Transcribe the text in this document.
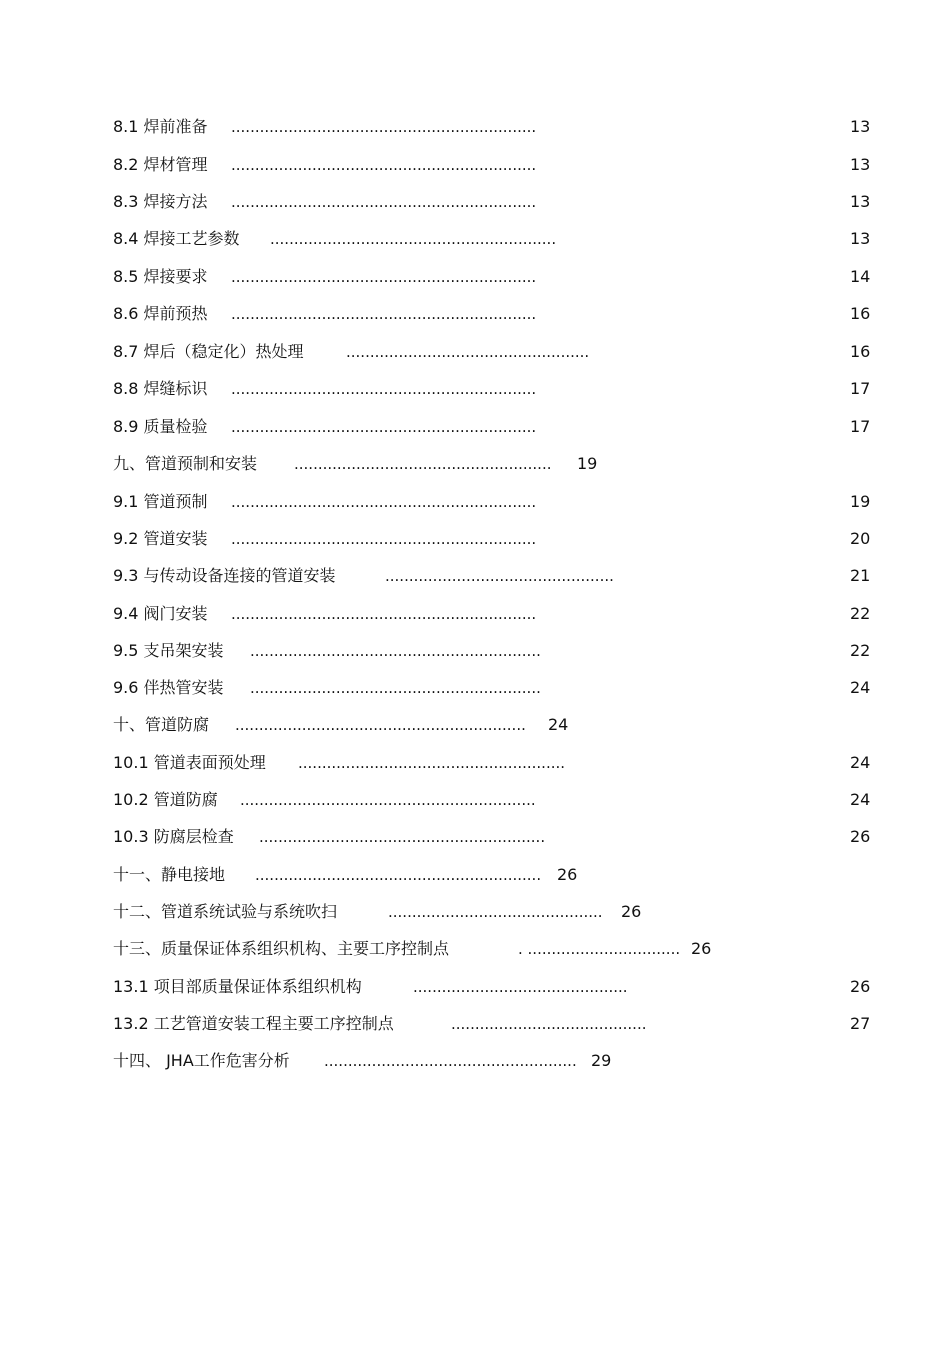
8.1 焊前准备 ................................................................	13
8.2 焊材管理 ................................................................	13
8.3 焊接方法 ................................................................	13
8.4 焊接工艺参数 ............................................................	13
8.5 焊接要求 ................................................................	14
8.6 焊前预热 ................................................................	16
8.7 焊后（稳定化）热处理	...................................................	16
8.8 焊缝标识 ................................................................	17
8.9 质量检验 ................................................................	17
九、管道预制和安装 ...................................................... 19
9.1 管道预制 ................................................................	19
9.2 管道安装 ................................................................	20
9.3 与传动设备连接的管道安装	................................................	21
9.4 阀门安装 ................................................................	22
9.5 支吊架安装 .............................................................	22
9.6 伴热管安装 .............................................................	24
十、管道防腐 ............................................................. 24
10.1 管道表面预处理 ........................................................	24
10.2 管道防腐 ..............................................................	24
10.3 防腐层检查 ............................................................	26
十一、静电接地 ............................................................ 26
十二、管道系统试验与系统吹扫	............................................. 26
十三、质量保证体系组织机构、主要工序控制点	. ................................ 26
13.1 项目部质量保证体系组织机构	.............................................	26
13.2 工艺管道安装工程主要工序控制点	.........................................	27
十四、 JHA工作危害分析 ..................................................... 29
